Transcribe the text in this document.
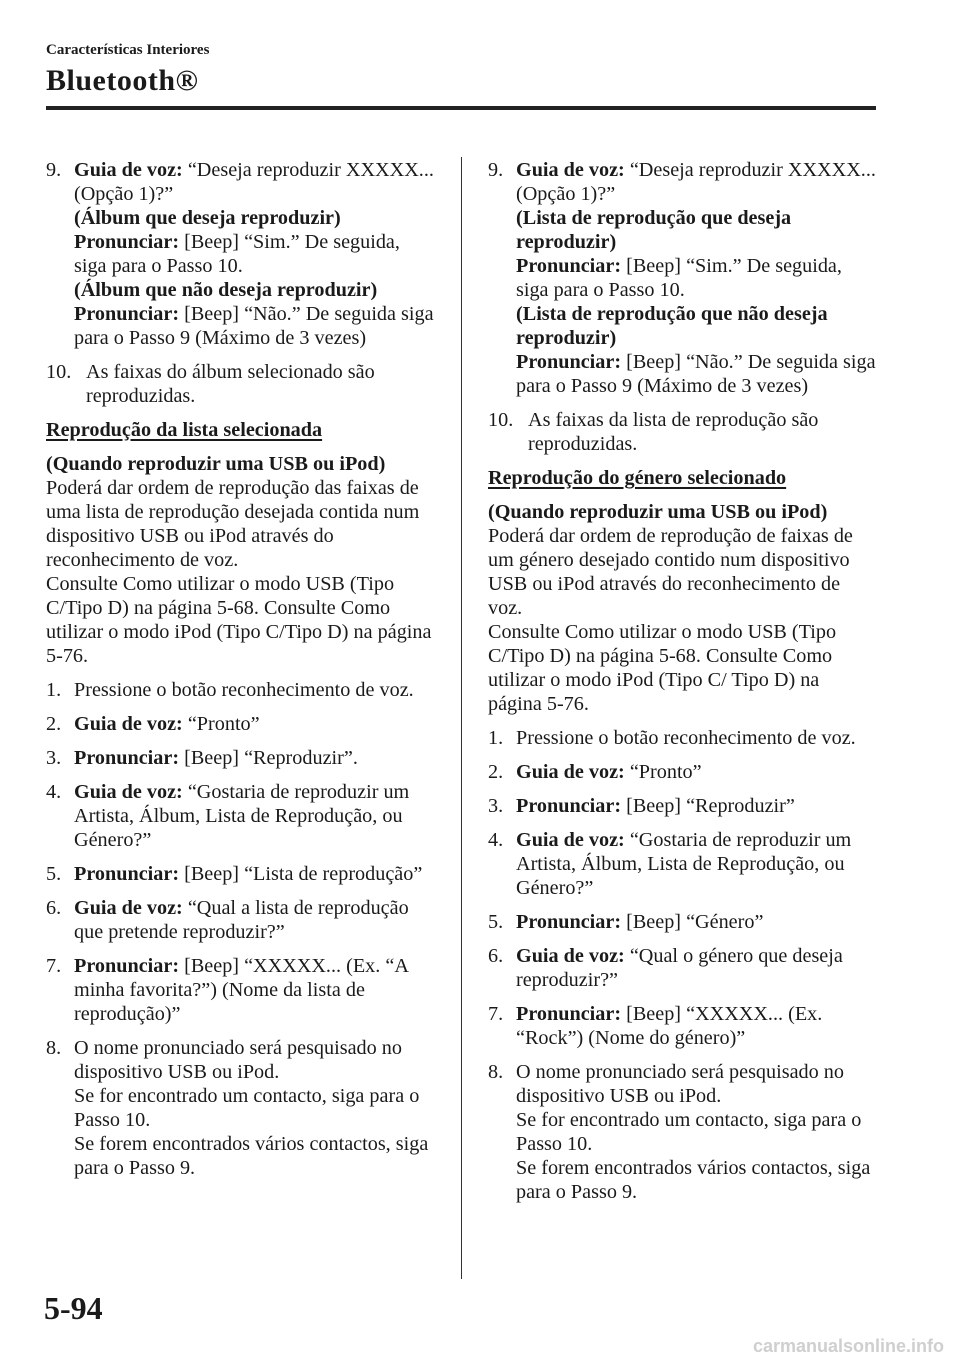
Características Interiores
Bluetooth®
9. Guia de voz: “Deseja reproduzir XXXXX... (Opção 1)?”
(Álbum que deseja reproduzir)
Pronunciar: [Beep] “Sim.” De seguida, siga para o Passo 10.
(Álbum que não deseja reproduzir)
Pronunciar: [Beep] “Não.” De seguida siga para o Passo 9 (Máximo de 3 vezes)
10. As faixas do álbum selecionado são reproduzidas.
Reprodução da lista selecionada
(Quando reproduzir uma USB ou iPod)
Poderá dar ordem de reprodução das faixas de uma lista de reprodução desejada contida num dispositivo USB ou iPod através do reconhecimento de voz.
Consulte Como utilizar o modo USB (Tipo C/Tipo D) na página 5-68. Consulte Como utilizar o modo iPod (Tipo C/Tipo D) na página 5-76.
1. Pressione o botão reconhecimento de voz.
2. Guia de voz: “Pronto”
3. Pronunciar: [Beep] “Reproduzir”.
4. Guia de voz: “Gostaria de reproduzir um Artista, Álbum, Lista de Reprodução, ou Género?”
5. Pronunciar: [Beep] “Lista de reprodução”
6. Guia de voz: “Qual a lista de reprodução que pretende reproduzir?”
7. Pronunciar: [Beep] “XXXXX... (Ex. “A minha favorita?”) (Nome da lista de reprodução)”
8. O nome pronunciado será pesquisado no dispositivo USB ou iPod.
Se for encontrado um contacto, siga para o Passo 10.
Se forem encontrados vários contactos, siga para o Passo 9.
9. Guia de voz: “Deseja reproduzir XXXXX... (Opção 1)?”
(Lista de reprodução que deseja reproduzir)
Pronunciar: [Beep] “Sim.” De seguida, siga para o Passo 10.
(Lista de reprodução que não deseja reproduzir)
Pronunciar: [Beep] “Não.” De seguida siga para o Passo 9 (Máximo de 3 vezes)
10. As faixas da lista de reprodução são reproduzidas.
Reprodução do género selecionado
(Quando reproduzir uma USB ou iPod)
Poderá dar ordem de reprodução de faixas de um género desejado contido num dispositivo USB ou iPod através do reconhecimento de voz.
Consulte Como utilizar o modo USB (Tipo C/Tipo D) na página 5-68. Consulte Como utilizar o modo iPod (Tipo C/ Tipo D) na página 5-76.
1. Pressione o botão reconhecimento de voz.
2. Guia de voz: “Pronto”
3. Pronunciar: [Beep] “Reproduzir”
4. Guia de voz: “Gostaria de reproduzir um Artista, Álbum, Lista de Reprodução, ou Género?”
5. Pronunciar: [Beep] “Género”
6. Guia de voz: “Qual o género que deseja reproduzir?”
7. Pronunciar: [Beep] “XXXXX... (Ex. “Rock”) (Nome do género)”
8. O nome pronunciado será pesquisado no dispositivo USB ou iPod.
Se for encontrado um contacto, siga para o Passo 10.
Se forem encontrados vários contactos, siga para o Passo 9.
5-94
carmanualsonline.info
